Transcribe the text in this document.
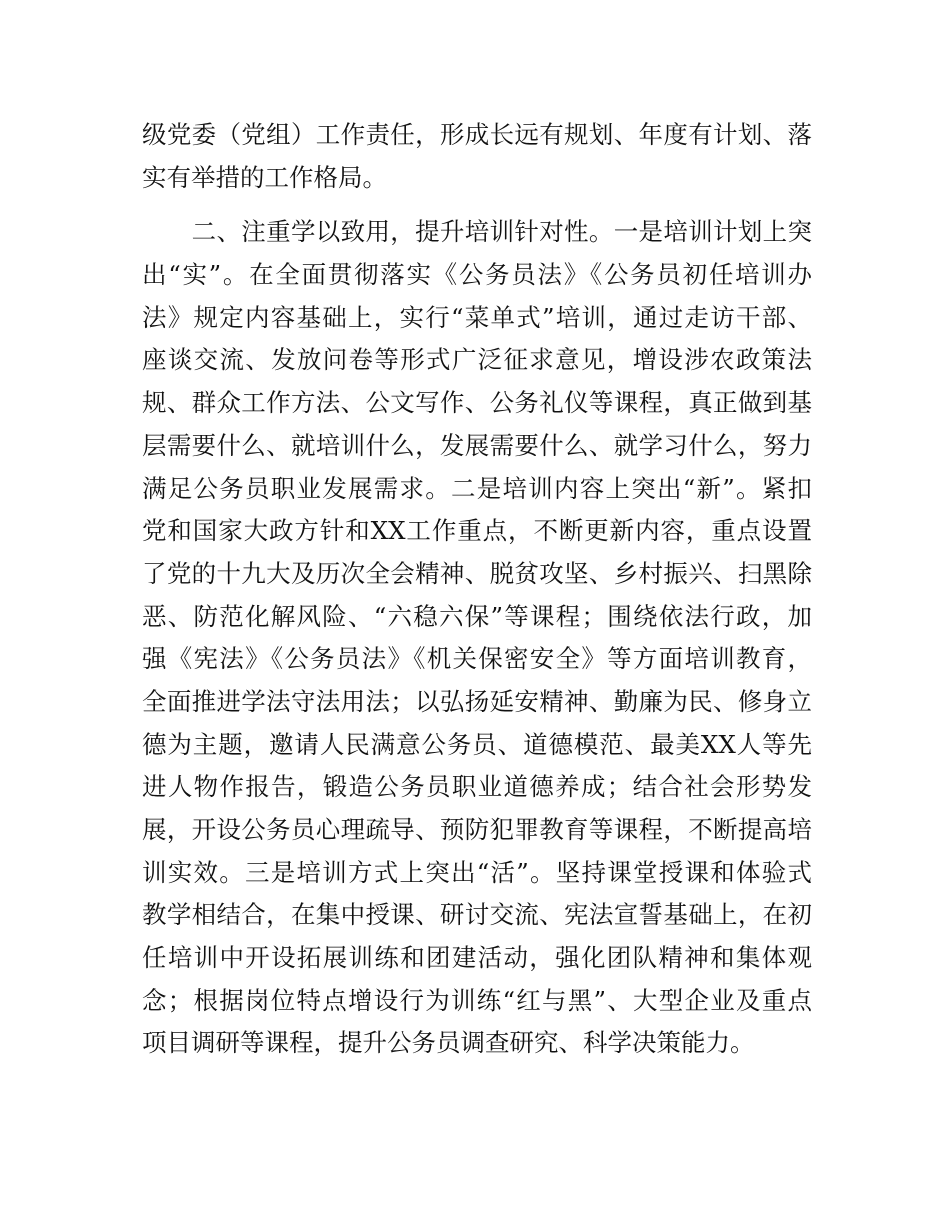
级党委（党组）工作责任，形成长远有规划、年度有计划、落
实有举措的工作格局。
　　二、注重学以致用，提升培训针对性。一是培训计划上突
出“实”。在全面贯彻落实《公务员法》《公务员初任培训办
法》规定内容基础上，实行“菜单式”培训，通过走访干部、
座谈交流、发放问卷等形式广泛征求意见，增设涉农政策法
规、群众工作方法、公文写作、公务礼仪等课程，真正做到基
层需要什么、就培训什么，发展需要什么、就学习什么，努力
满足公务员职业发展需求。二是培训内容上突出“新”。紧扣
党和国家大政方针和XX工作重点，不断更新内容，重点设置
了党的十九大及历次全会精神、脱贫攻坚、乡村振兴、扫黑除
恶、防范化解风险、“六稳六保”等课程；围绕依法行政，加
强《宪法》《公务员法》《机关保密安全》等方面培训教育，
全面推进学法守法用法；以弘扬延安精神、勤廉为民、修身立
德为主题，邀请人民满意公务员、道德模范、最美XX人等先
进人物作报告，锻造公务员职业道德养成；结合社会形势发
展，开设公务员心理疏导、预防犯罪教育等课程，不断提高培
训实效。三是培训方式上突出“活”。坚持课堂授课和体验式
教学相结合，在集中授课、研讨交流、宪法宣誓基础上，在初
任培训中开设拓展训练和团建活动，强化团队精神和集体观
念；根据岗位特点增设行为训练“红与黑”、大型企业及重点
项目调研等课程，提升公务员调查研究、科学决策能力。
